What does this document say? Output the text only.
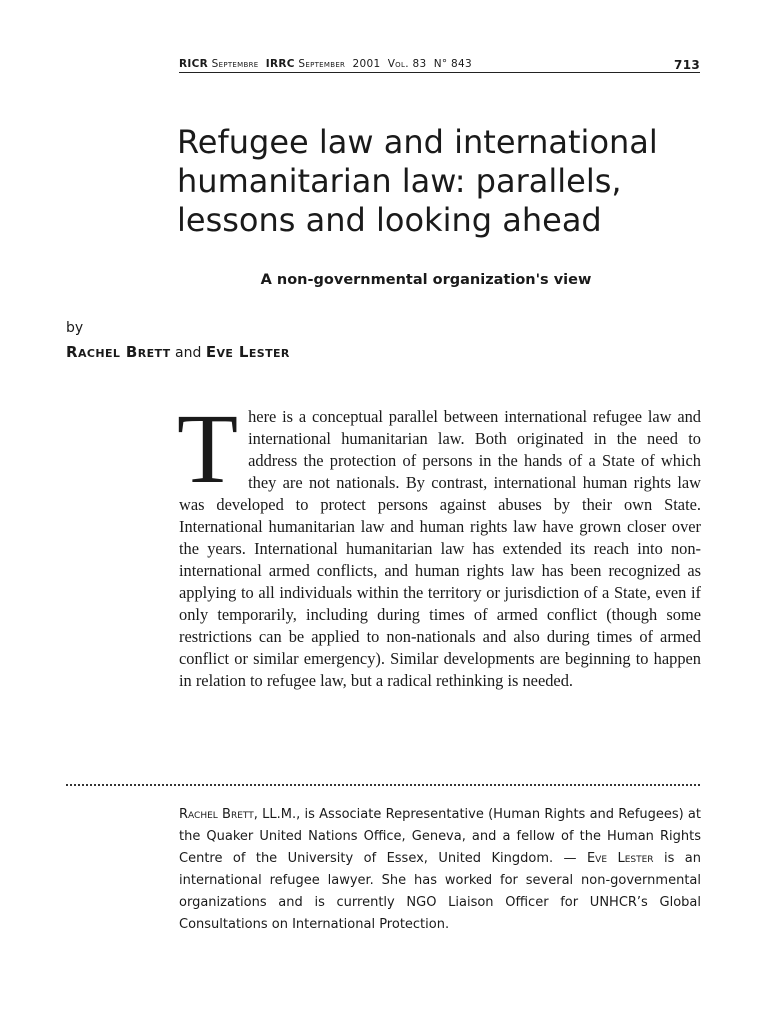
RICR Septembre IRRC September 2001 Vol. 83 N° 843	713
Refugee law and international humanitarian law: parallels, lessons and looking ahead

A non-governmental organization's view

by
Rachel Brett and Eve Lester

There is a conceptual parallel between international refugee law and international humanitarian law. Both originated in the need to address the protection of persons in the hands of a State of which they are not nationals. By contrast, international human rights law was developed to protect persons against abuses by their own State. International humanitarian law and human rights law have grown closer over the years. International humanitarian law has extended its reach into non-international armed conflicts, and human rights law has been recognized as applying to all individuals within the territory or jurisdiction of a State, even if only temporarily, including during times of armed conflict (though some restrictions can be applied to non-nationals and also during times of armed conflict or similar emergency). Similar developments are beginning to happen in relation to refugee law, but a radical rethinking is needed.

Rachel Brett, LL.M., is Associate Representative (Human Rights and Refugees) at the Quaker United Nations Office, Geneva, and a fellow of the Human Rights Centre of the University of Essex, United Kingdom. — Eve Lester is an international refugee lawyer. She has worked for several non-governmental organizations and is currently NGO Liaison Officer for UNHCR’s Global Consultations on International Protection.
